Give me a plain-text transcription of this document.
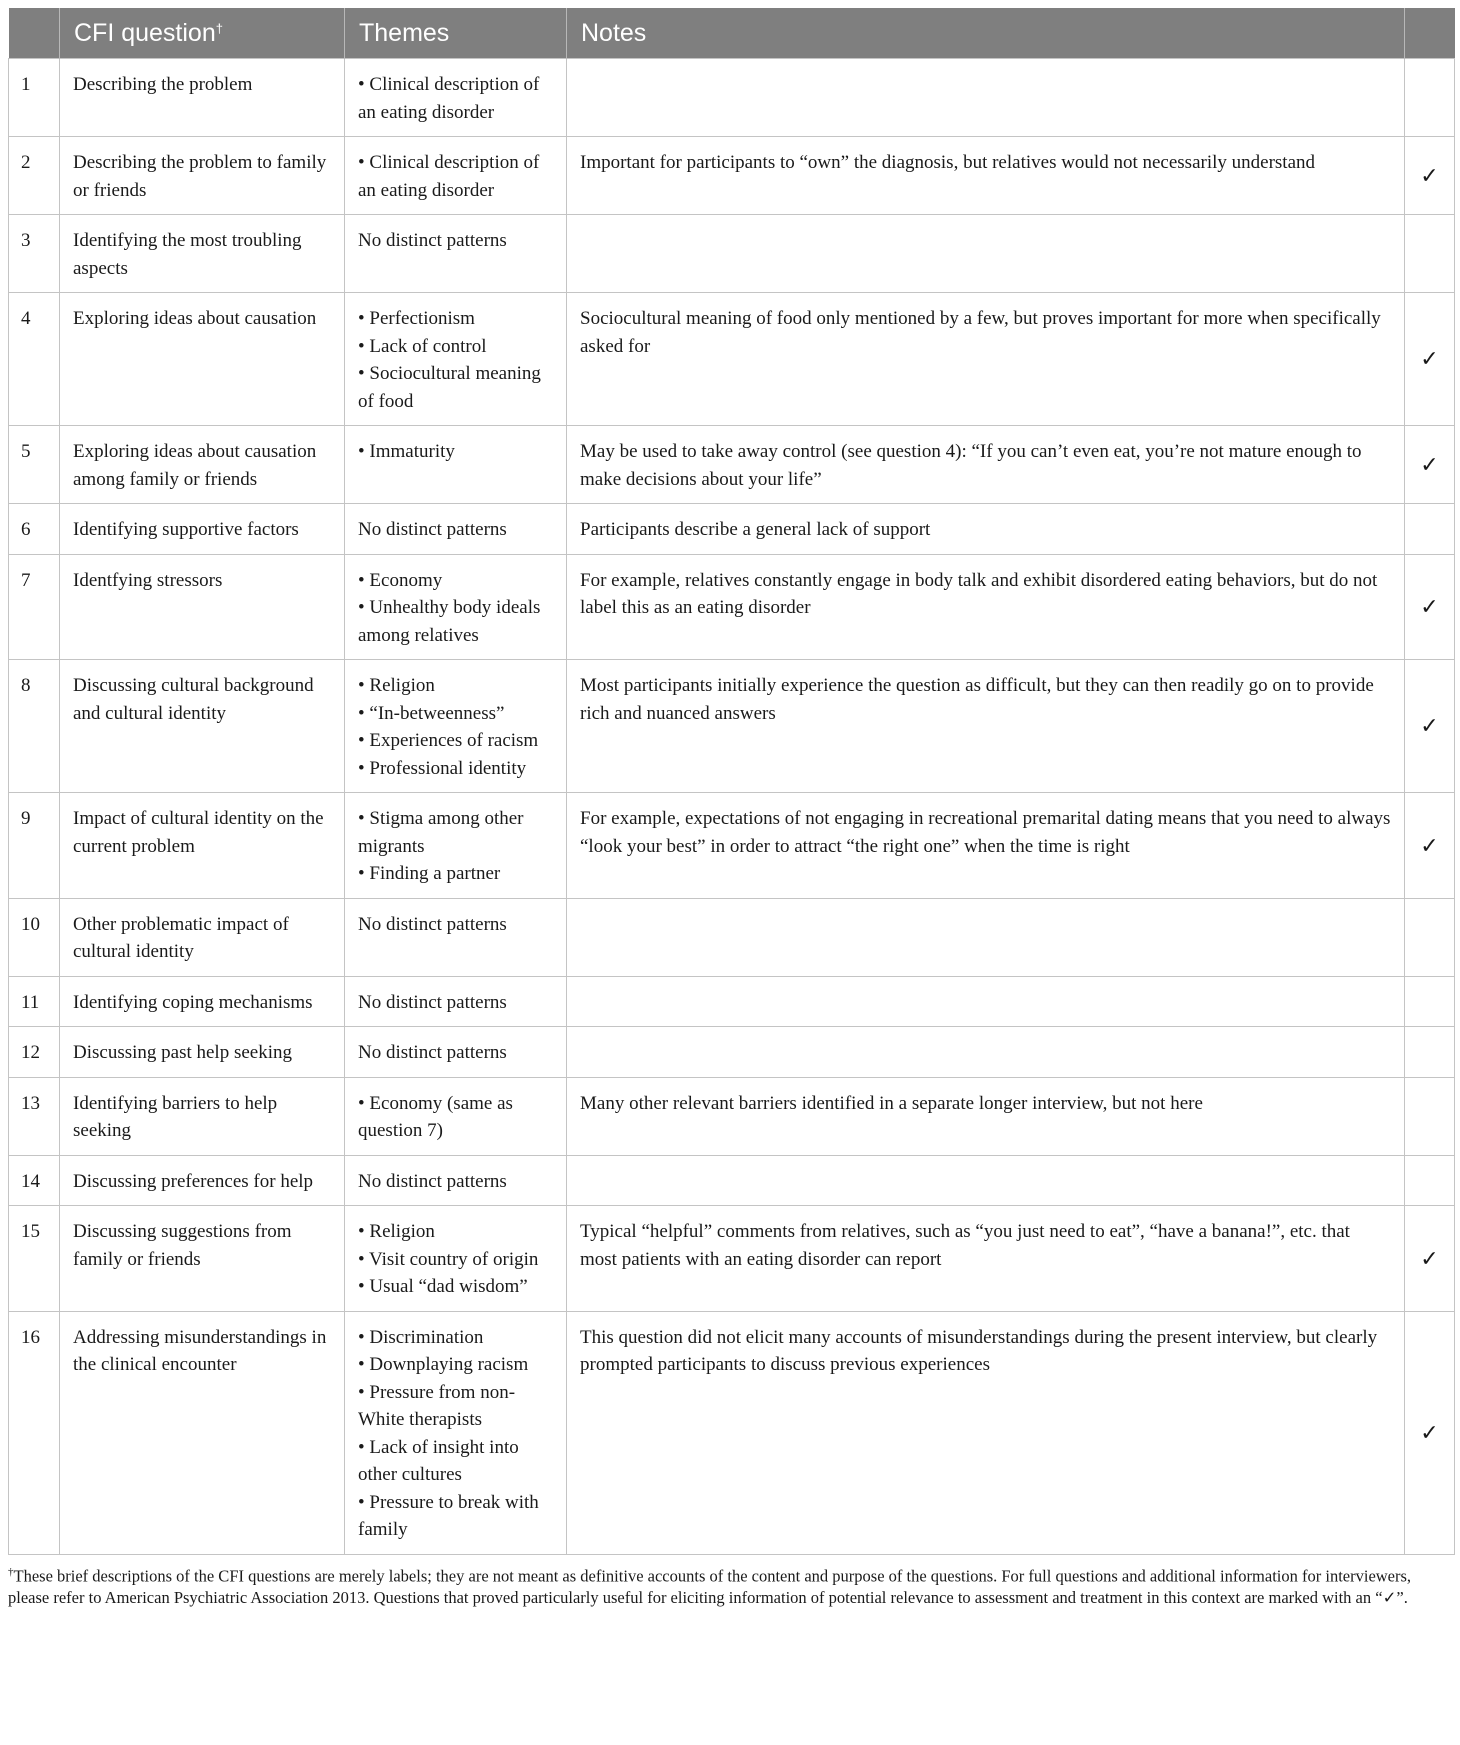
	CFI question†	Themes	Notes	
1	Describing the problem	• Clinical description of an eating disorder		

2	Describing the problem to family or friends	• Clinical description of an eating disorder	Important for participants to “own” the diagnosis, but relatives would not necessarily understand	✓
3	Identifying the most troubling aspects	No distinct patterns		

4	Exploring ideas about causation	• Perfectionism
• Lack of control
• Sociocultural meaning of food	Sociocultural meaning of food only mentioned by a few, but proves important for more when specifically asked for	✓
5	Exploring ideas about causation among family or friends	• Immaturity	May be used to take away control (see question 4): “If you can’t even eat, you’re not mature enough to make decisions about your life”	✓
6	Identifying supportive factors	No distinct patterns	Participants describe a general lack of support	
7	Identfying stressors	• Economy
• Unhealthy body ideals among relatives	For example, relatives constantly engage in body talk and exhibit disordered eating behaviors, but do not label this as an eating disorder	✓
8	Discussing cultural background and cultural identity	• Religion
• “In-betweenness”
• Experiences of racism
• Professional identity	Most participants initially experience the question as difficult, but they can then readily go on to provide rich and nuanced answers	✓
9	Impact of cultural identity on the current problem	• Stigma among other migrants
• Finding a partner	For example, expectations of not engaging in recreational premarital dating means that you need to always “look your best” in order to attract “the right one” when the time is right	✓
10	Other problematic impact of cultural identity	No distinct patterns		

11	Identifying coping mechanisms	No distinct patterns		

12	Discussing past help seeking	No distinct patterns		

13	Identifying barriers to help seeking	• Economy (same as question 7)	Many other relevant barriers identified in a separate longer interview, but not here	
14	Discussing preferences for help	No distinct patterns		

15	Discussing suggestions from family or friends	• Religion
• Visit country of origin
• Usual “dad wisdom”	Typical “helpful” comments from relatives, such as “you just need to eat”, “have a banana!”, etc. that most patients with an eating disorder can report	✓
16	Addressing misunderstandings in the clinical encounter	• Discrimination
• Downplaying racism
• Pressure from non-White therapists
• Lack of insight into other cultures
• Pressure to break with family	This question did not elicit many accounts of misunderstandings during the present interview, but clearly prompted participants to discuss previous experiences	✓
†These brief descriptions of the CFI questions are merely labels; they are not meant as definitive accounts of the content and purpose of the questions. For full questions and additional information for interviewers, please refer to American Psychiatric Association 2013. Questions that proved particularly useful for eliciting information of potential relevance to assessment and treatment in this context are marked with an “✓”.
